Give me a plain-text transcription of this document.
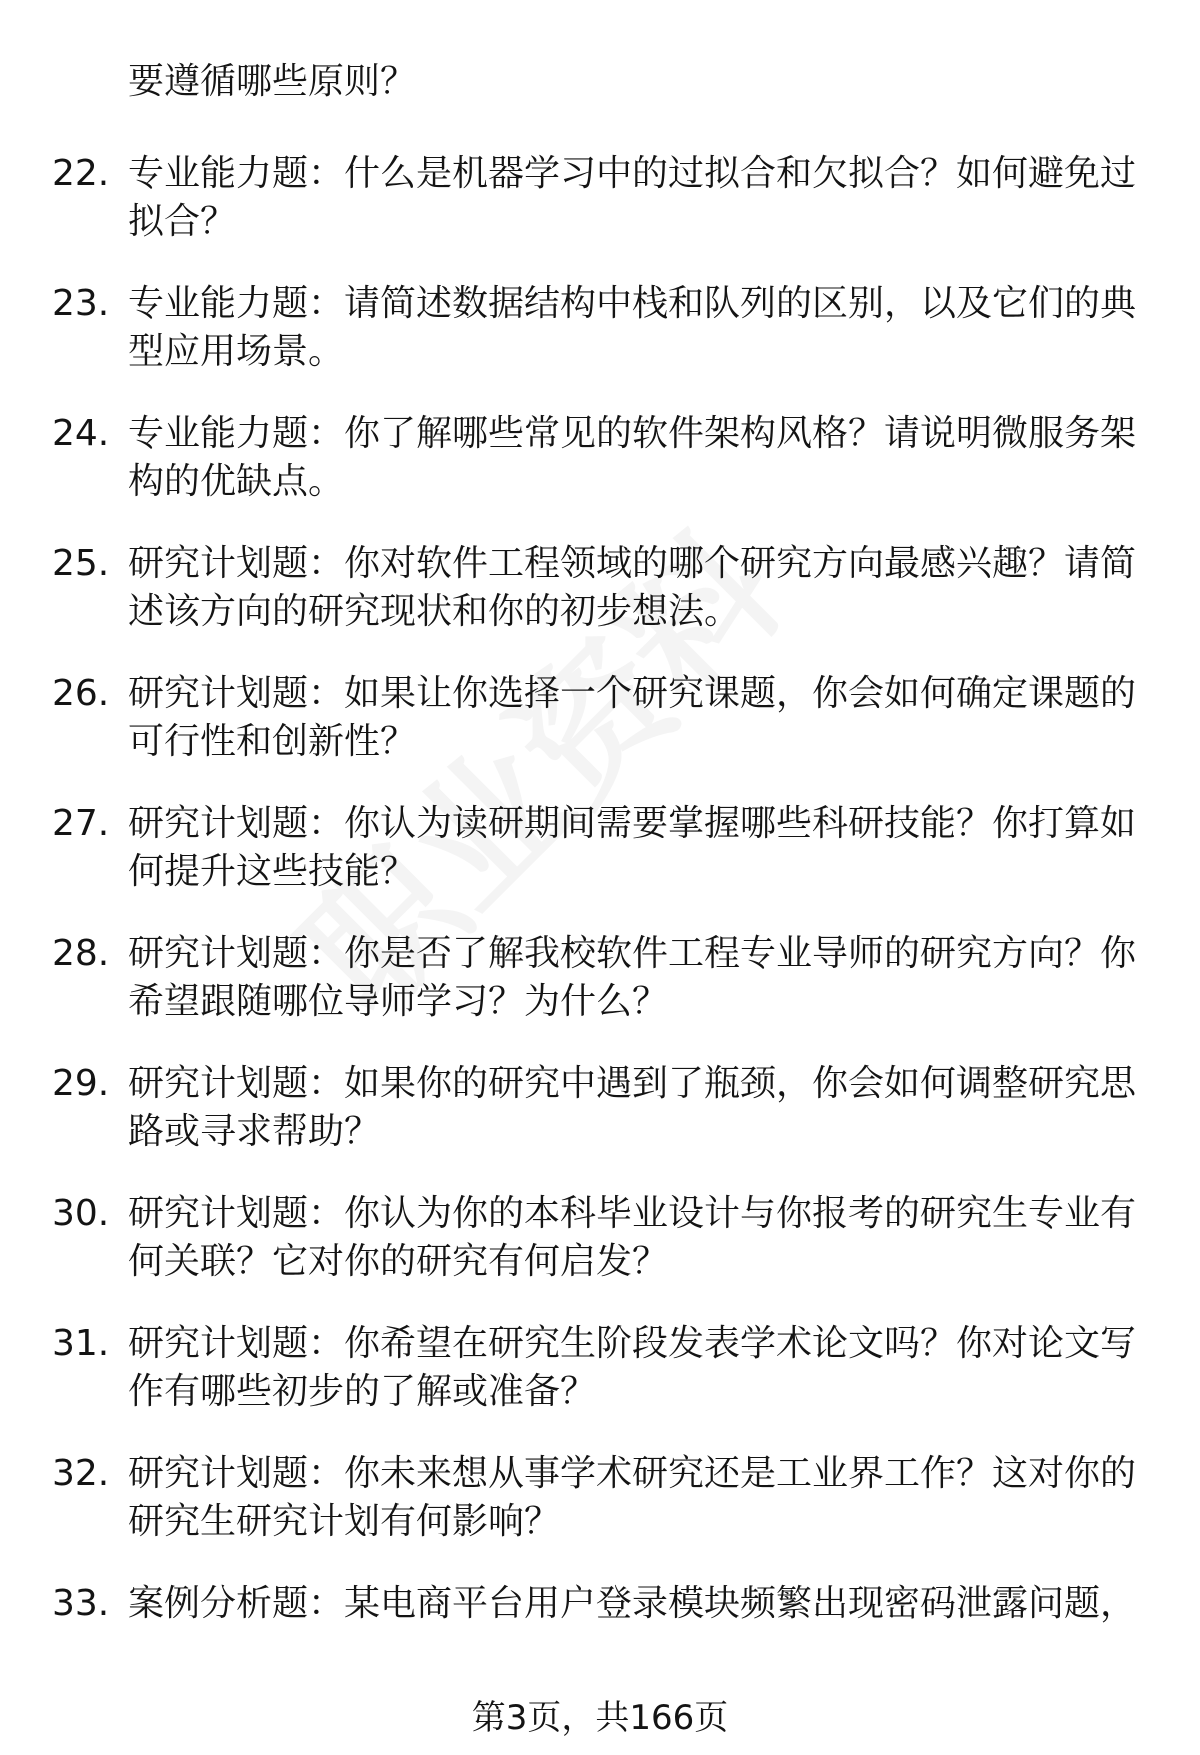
要遵循哪些原则？
22. 专业能力题：什么是机器学习中的过拟合和欠拟合？如何避免过拟合？
23. 专业能力题：请简述数据结构中栈和队列的区别，以及它们的典型应用场景。
24. 专业能力题：你了解哪些常见的软件架构风格？请说明微服务架构的优缺点。
25. 研究计划题：你对软件工程领域的哪个研究方向最感兴趣？请简述该方向的研究现状和你的初步想法。
26. 研究计划题：如果让你选择一个研究课题，你会如何确定课题的可行性和创新性？
27. 研究计划题：你认为读研期间需要掌握哪些科研技能？你打算如何提升这些技能？
28. 研究计划题：你是否了解我校软件工程专业导师的研究方向？你希望跟随哪位导师学习？为什么？
29. 研究计划题：如果你的研究中遇到了瓶颈，你会如何调整研究思路或寻求帮助？
30. 研究计划题：你认为你的本科毕业设计与你报考的研究生专业有何关联？它对你的研究有何启发？
31. 研究计划题：你希望在研究生阶段发表学术论文吗？你对论文写作有哪些初步的了解或准备？
32. 研究计划题：你未来想从事学术研究还是工业界工作？这对你的研究生研究计划有何影响？
33. 案例分析题：某电商平台用户登录模块频繁出现密码泄露问题，
第3页，共166页
